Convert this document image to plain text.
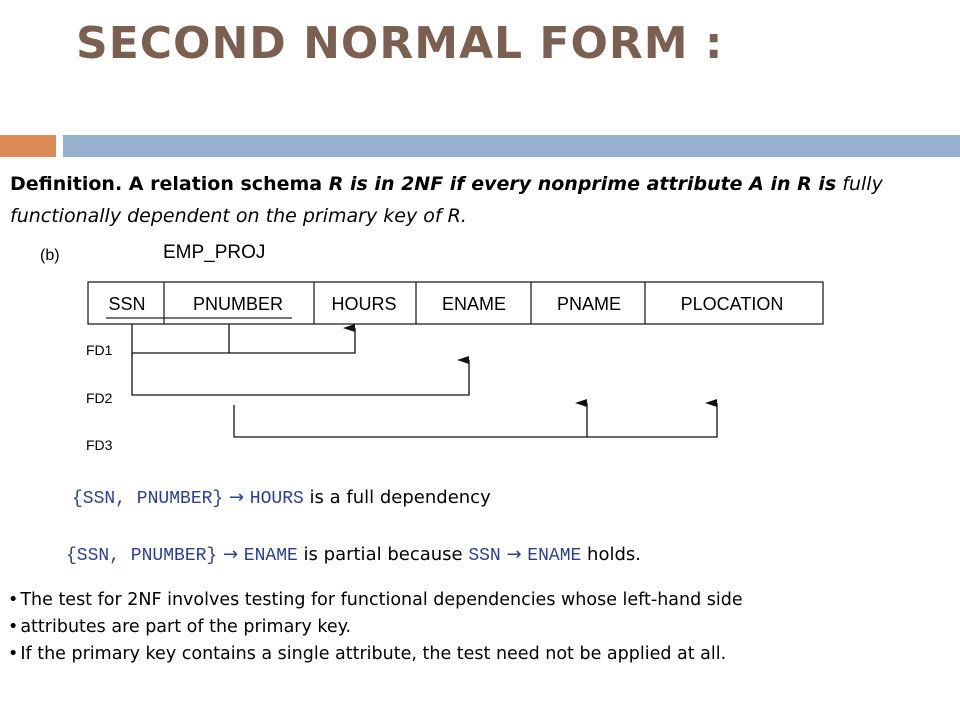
SECOND NORMAL FORM :
Definition. A relation schema R is in 2NF if every nonprime attribute A in R is fully functionally dependent on the primary key of R.
(b)	EMP_PROJ
SSN	PNUMBER	HOURS	ENAME	PNAME	PLOCATION
FD1
FD2
FD3
{SSN, PNUMBER} → HOURS is a full dependency
{SSN, PNUMBER} → ENAME is partial because SSN → ENAME holds.
• The test for 2NF involves testing for functional dependencies whose left-hand side
• attributes are part of the primary key.
• If the primary key contains a single attribute, the test need not be applied at all.
